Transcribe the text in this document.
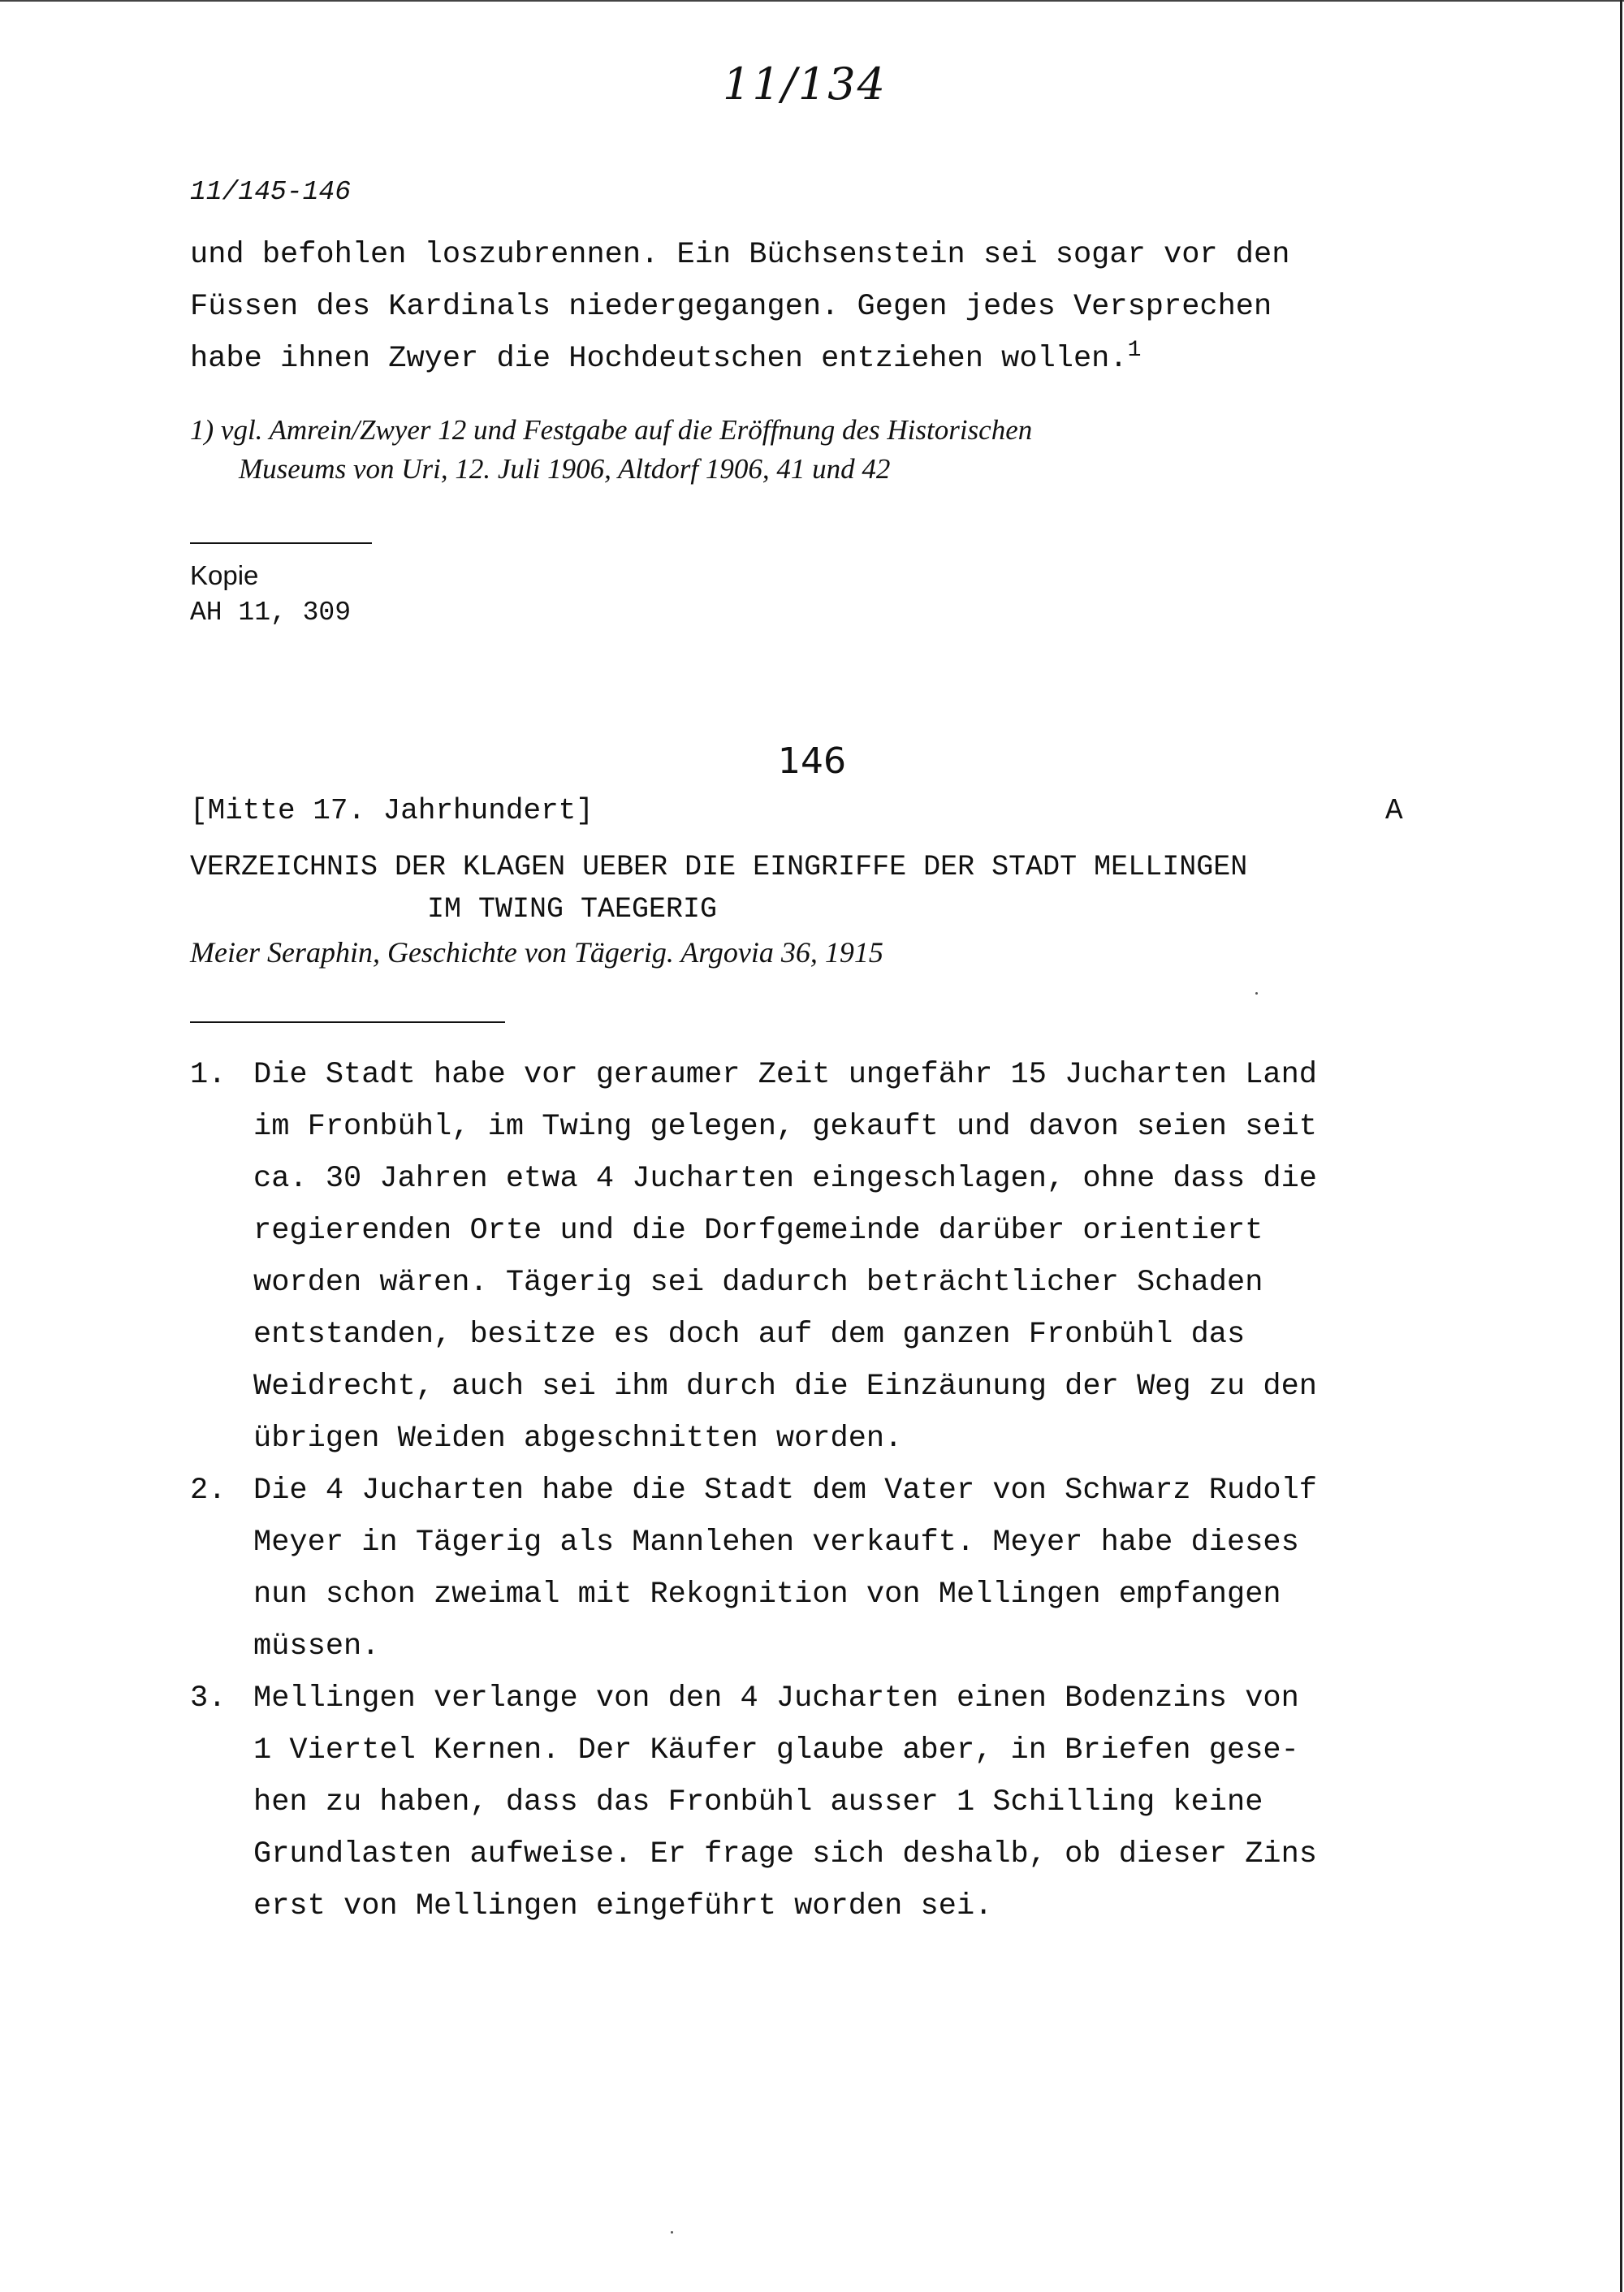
11/134
11/145-146
und befohlen loszubrennen. Ein Büchsenstein sei sogar vor den
Füssen des Kardinals niedergegangen. Gegen jedes Versprechen
habe ihnen Zwyer die Hochdeutschen entziehen wollen.$^1$
1) vgl. Amrein/Zwyer 12 und Festgabe auf die Eröffnung des Historischen
Museums von Uri, 12. Juli 1906, Altdorf 1906, 41 und 42
Kopie
AH 11, 309
146
[Mitte 17. Jahrhundert]	A
VERZEICHNIS DER KLAGEN UEBER DIE EINGRIFFE DER STADT MELLINGEN
IM TWING TAEGERIG
Meier Seraphin, Geschichte von Tägerig. Argovia 36, 1915
1. Die Stadt habe vor geraumer Zeit ungefähr 15 Jucharten Land
im Fronbühl, im Twing gelegen, gekauft und davon seien seit
ca. 30 Jahren etwa 4 Jucharten eingeschlagen, ohne dass die
regierenden Orte und die Dorfgemeinde darüber orientiert
worden wären. Tägerig sei dadurch beträchtlicher Schaden
entstanden, besitze es doch auf dem ganzen Fronbühl das
Weidrecht, auch sei ihm durch die Einzäunung der Weg zu den
übrigen Weiden abgeschnitten worden.
2. Die 4 Jucharten habe die Stadt dem Vater von Schwarz Rudolf
Meyer in Tägerig als Mannlehen verkauft. Meyer habe dieses
nun schon zweimal mit Rekognition von Mellingen empfangen
müssen.
3. Mellingen verlange von den 4 Jucharten einen Bodenzins von
1 Viertel Kernen. Der Käufer glaube aber, in Briefen gese-
hen zu haben, dass das Fronbühl ausser 1 Schilling keine
Grundlasten aufweise. Er frage sich deshalb, ob dieser Zins
erst von Mellingen eingeführt worden sei.
